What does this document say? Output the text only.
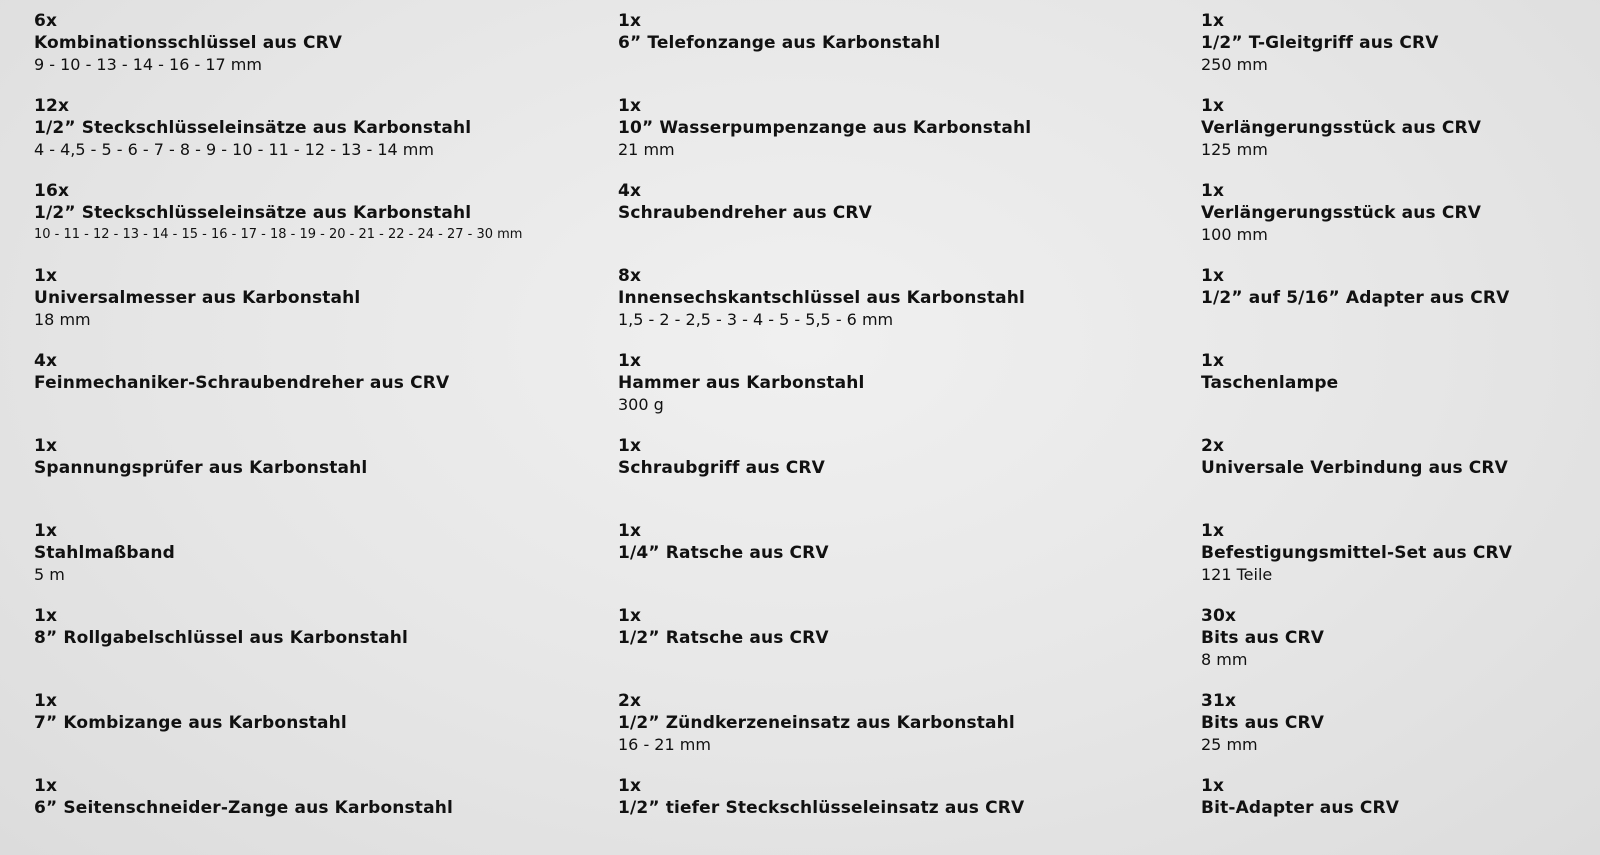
6x
Kombinationsschlüssel aus CRV
9 - 10 - 13 - 14 - 16 - 17 mm
12x
1/2” Steckschlüsseleinsätze aus Karbonstahl
4 - 4,5 - 5 - 6 - 7 - 8 - 9 - 10 - 11 - 12 - 13 - 14 mm
16x
1/2” Steckschlüsseleinsätze aus Karbonstahl
10 - 11 - 12 - 13 - 14 - 15 - 16 - 17 - 18 - 19 - 20 - 21 - 22 - 24 - 27 - 30 mm
1x
Universalmesser aus Karbonstahl
18 mm
4x
Feinmechaniker-Schraubendreher aus CRV
1x
Spannungsprüfer aus Karbonstahl
1x
Stahlmaßband
5 m
1x
8” Rollgabelschlüssel aus Karbonstahl
1x
7” Kombizange aus Karbonstahl
1x
6” Seitenschneider-Zange aus Karbonstahl
1x
6” Telefonzange aus Karbonstahl
1x
10” Wasserpumpenzange aus Karbonstahl
21 mm
4x
Schraubendreher aus CRV
8x
Innensechskantschlüssel aus Karbonstahl
1,5 - 2 - 2,5 - 3 - 4 - 5 - 5,5 - 6 mm
1x
Hammer aus Karbonstahl
300 g
1x
Schraubgriff aus CRV
1x
1/4” Ratsche aus CRV
1x
1/2” Ratsche aus CRV
2x
1/2” Zündkerzeneinsatz aus Karbonstahl
16 - 21 mm
1x
1/2” tiefer Steckschlüsseleinsatz aus CRV
1x
1/2” T-Gleitgriff aus CRV
250 mm
1x
Verlängerungsstück aus CRV
125 mm
1x
Verlängerungsstück aus CRV
100 mm
1x
1/2” auf 5/16” Adapter aus CRV
1x
Taschenlampe
2x
Universale Verbindung aus CRV
1x
Befestigungsmittel-Set aus CRV
121 Teile
30x
Bits aus CRV
8 mm
31x
Bits aus CRV
25 mm
1x
Bit-Adapter aus CRV
